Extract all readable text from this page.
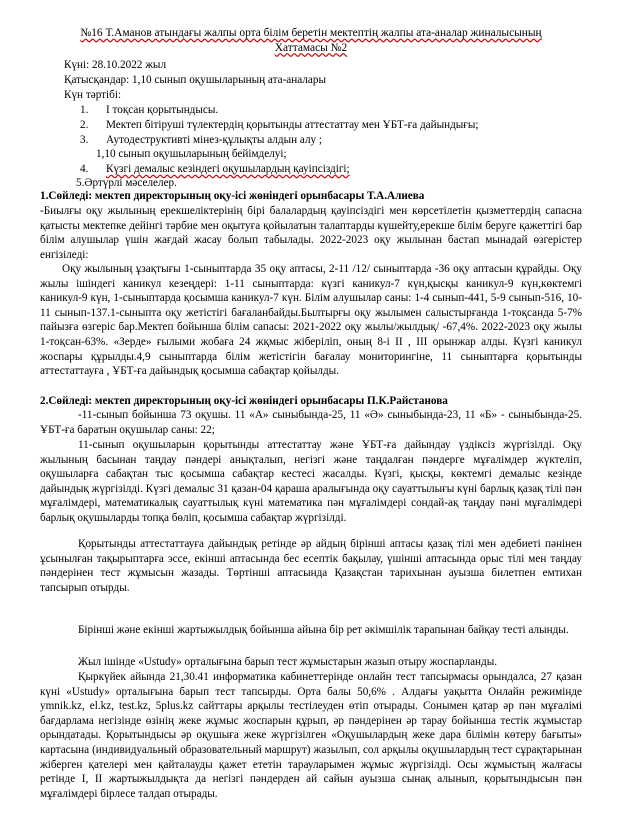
№16 Т.Аманов атындағы жалпы орта білім беретін мектептің жалпы ата-аналар жиналысының
Хаттамасы №2
Күні: 28.10.2022 жыл
Қатысқандар: 1,10 сынып оқушыларының ата-аналары
Күн тәртібі:
1. І тоқсан қорытындысы.
2. Мектеп бітіруші түлектердің қорытынды аттестаттау мен ҰБТ-ға дайындығы;
3. Аутодеструктивті мінез-құлықты алдын алу ;
1,10 сынып оқушыларының бейімделуі;
4. Күзгі демалыс кезіндегі оқушылардың қауіпсіздігі;
5.Әртүрлі мәселелер.
1.Сөйледі: мектеп директорының оқу-ісі жөніндегі орынбасары Т.А.Алиева
-Биылғы оқу жылының ерекшеліктерінің бірі балалардың қауіпсіздігі мен көрсетілетін қызметтердің сапасна қатысты мектепке дейінгі тәрбие мен оқытуға қойылатын талаптарды күшейту,ерекше білім беруге қажеттігі бар білім алушылар үшін жағдай жасау болып табылады. 2022-2023 оқу жылынан бастап мынадай өзгерістер енгізіледі:
Оқу жылының ұзақтығы 1-сыныптарда 35 оқу аптасы, 2-11 /12/ сыныптарда -36 оқу аптасын құрайды. Оқу жылы ішіндегі каникул кезеңдері: 1-11 сыныптарда: күзгі каникул-7 күн,қысқы каникул-9 күн,көктемгі каникул-9 күн, 1-сыныптарда қосымша каникул-7 күн. Білім алушылар саны: 1-4 сынып-441, 5-9 сынып-516, 10-11 сынып-137.1-сыныпта оқу жетістігі бағаланбайды.Былтырғы оқу жылымен салыстырғанда 1-тоқсанда 5-7% пайызға өзгеріс бар.Мектеп бойынша білім сапасы: 2021-2022 оқу жылы/жылдық/ -67,4%. 2022-2023 оқу жылы 1-тоқсан-63%. «Зерде» ғылыми жобаға 24 жқмыс жіберіліп, оның 8-і ІІ , ІІІ орынжар алды. Күзгі каникул жоспары құрылды.4,9 сыныптарда білім жетістігін бағалау мониторингіне, 11 сыныптарға қорытынды аттестаттауға , ҰБТ-ға дайындық қосымша сабақтар қойылды.
2.Сөйледі: мектеп директорының оқу-ісі жөніндегі орынбасары П.К.Райстанова
-11-сынып бойынша 73 оқушы. 11 «А» сыныбында-25, 11 «Ә» сыныбында-23, 11 «Б» - сыныбында-25. ҰБТ-ға баратын оқушылар саны: 22;
11-сынып оқушыларын қорытынды аттестаттау және ҰБТ-ға дайындау үздіксіз жүргізілді. Оқу жылының басынан таңдау пәндері анықталып, негізгі және таңдалған пәндерге мұғалімдер жүктеліп, оқушыларға сабақтан тыс қосымша сабақтар кестесі жасалды. Күзгі, қысқы, көктемгі демалыс кезінде дайындық жүргізілді. Күзгі демалыс 31 қазан-04 қараша аралығында оқу сауаттылығы күні барлық қазақ тілі пән мұғалімдері, математикалық сауаттылық күні математика пән мұғалімдері сондай-ақ таңдау пәні мұғалімдері барлық оқушыларды топқа бөліп, қосымша сабақтар жүргізілді.
Қорытынды аттестаттауға дайындық ретінде әр айдың бірінші аптасы қазақ тілі мен әдебиеті пәнінен ұсынылған тақырыптарға эссе, екінші аптасында бес есептік бақылау, үшінші аптасында орыс тілі мен таңдау пәндерінен тест жұмысын жазады. Төртінші аптасында Қазақстан тарихынан ауызша билетпен емтихан тапсырып отырды.
Бірінші және екінші жартыжылдық бойынша айына бір рет әкімшілік тарапынан байқау тесті алынды.
Жыл ішінде «Ustudy» орталығына барып тест жұмыстарын жазып отыру жоспарланды.
Қыркүйек айында 21,30.41 информатика кабинеттерінде онлайн тест тапсырмасы орындалса, 27 қазан күні «Ustudy» орталығына барып тест тапсырды. Орта балы 50,6% . Алдағы уақытта Онлайн режимінде ymnik.kz, el.kz, test.kz, 5plus.kz сайттары арқылы тестілеуден өтіп отырады. Сонымен қатар әр пән мұғалімі бағдарлама негізінде өзінің жеке жұмыс жоспарын құрып, әр пәндерінен әр тарау бойынша тестік жұмыстар орындатады. Қорытындысы әр оқушыға жеке жүргізілген «Оқушылардың жеке дара білімін көтеру бағыты» картасына (индивидуальный образовательный маршрут) жазылып, сол арқылы оқушылардың тест сұрақтарынан жіберген қателері мен қайталауды қажет ететін тарауларымен жұмыс жүргізілді. Осы жұмыстың жалғасы ретінде І, ІІ жартыжылдықта да негізгі пәндерден ай сайын ауызша сынақ алынып, қорытындысын пән мұғалімдері бірлесе талдап отырады.
